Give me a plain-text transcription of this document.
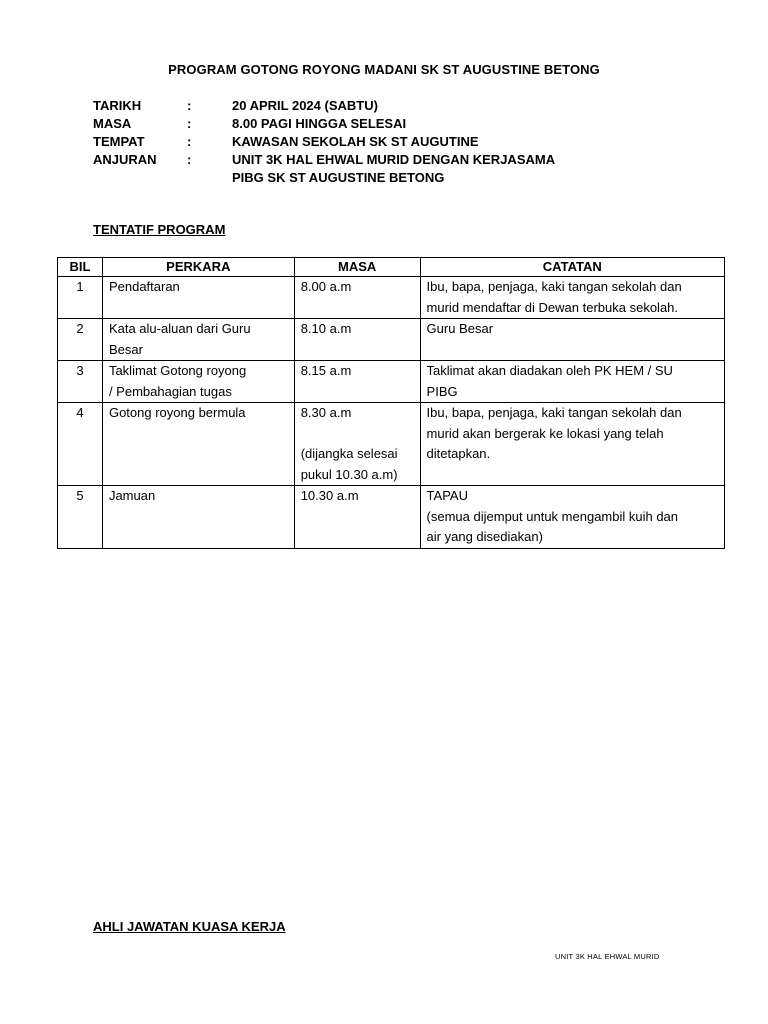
PROGRAM GOTONG ROYONG MADANI SK ST AUGUSTINE BETONG
TARIKH	:	20 APRIL 2024 (SABTU)
MASA	:	8.00 PAGI HINGGA SELESAI
TEMPAT	:	KAWASAN SEKOLAH SK ST AUGUTINE
ANJURAN	:	UNIT 3K HAL EHWAL MURID DENGAN KERJASAMA
PIBG SK ST AUGUSTINE BETONG
TENTATIF PROGRAM
BIL	PERKARA	MASA	CATATAN
1	Pendaftaran	8.00 a.m	Ibu, bapa, penjaga, kaki tangan sekolah dan
murid mendaftar di Dewan terbuka sekolah.

2	Kata alu-aluan dari Guru
Besar	8.10 a.m	Guru Besar

3	Taklimat Gotong royong
/ Pembahagian tugas	8.15 a.m	Taklimat akan diadakan oleh PK HEM / SU
PIBG

4	Gotong royong bermula	8.30 a.m
(dijangka selesai
pukul 10.30 a.m)	Ibu, bapa, penjaga, kaki tangan sekolah dan
murid akan bergerak ke lokasi yang telah
ditetapkan.

5	Jamuan	10.30 a.m	TAPAU
(semua dijemput untuk mengambil kuih dan
air yang disediakan)
AHLI JAWATAN KUASA KERJA
UNIT 3K HAL EHWAL MURID
